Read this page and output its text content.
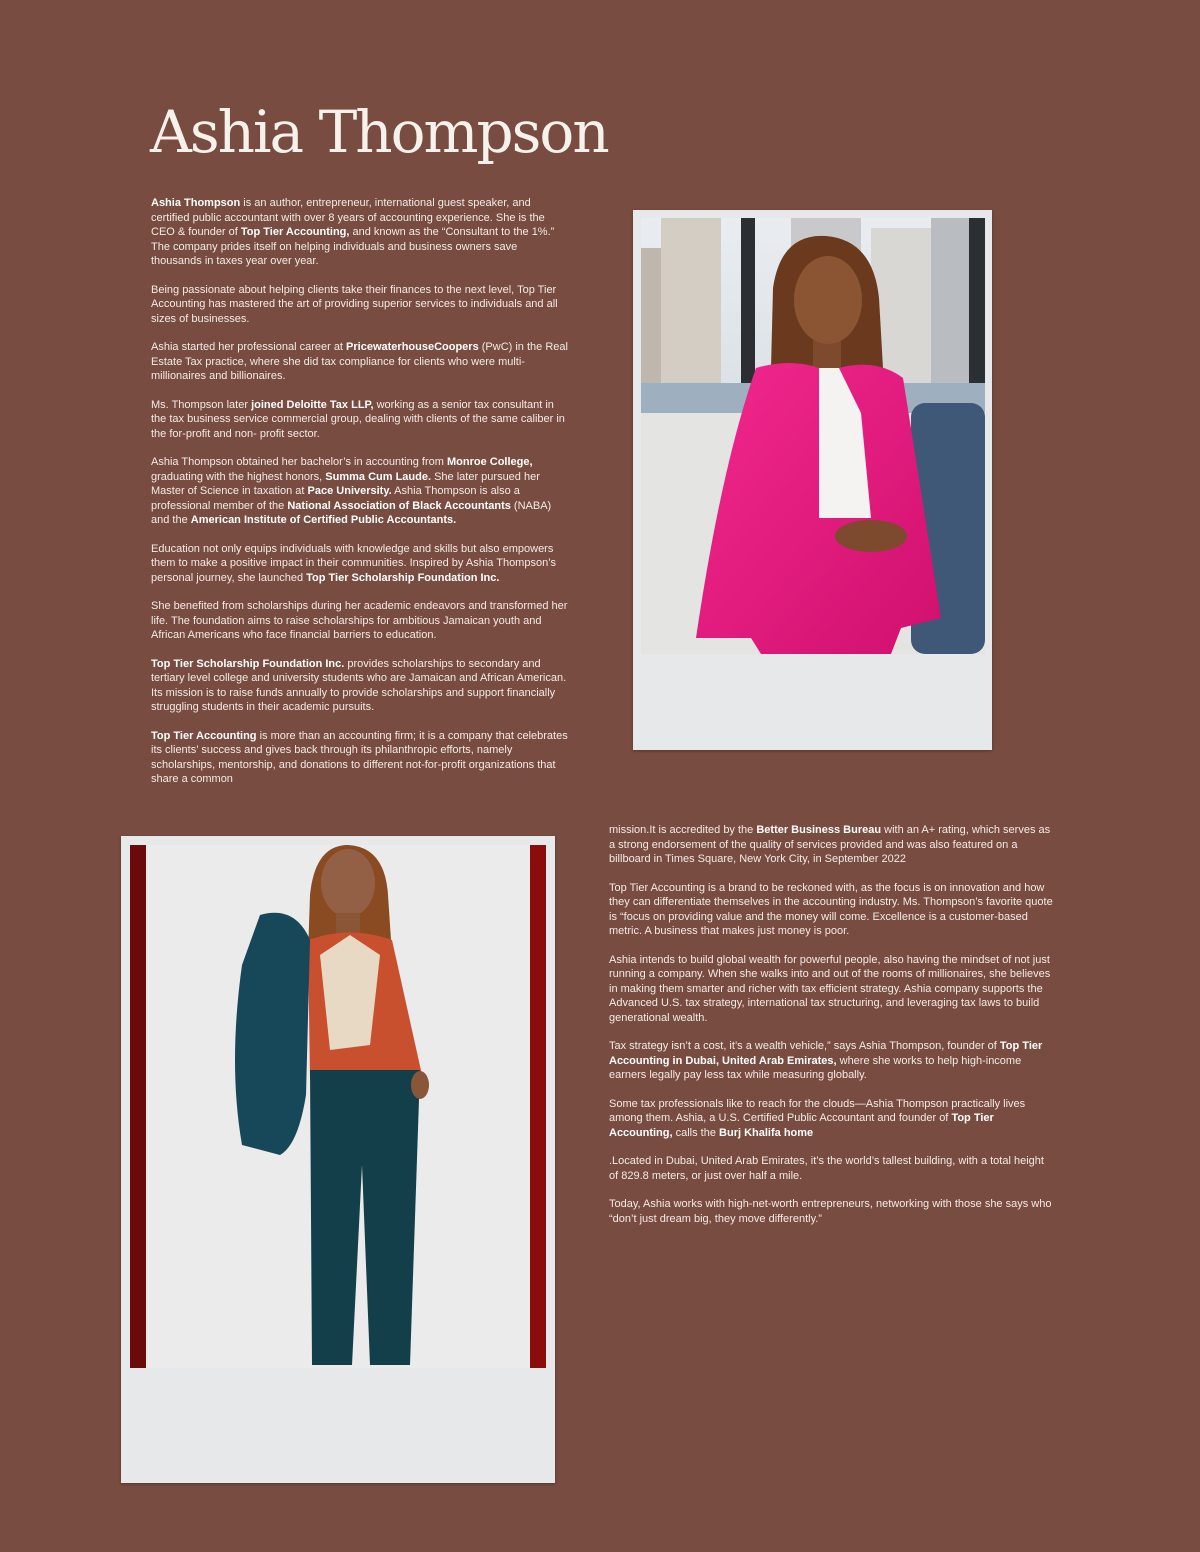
Ashia Thompson

Ashia Thompson is an author, entrepreneur, international guest speaker, and certified public accountant with over 8 years of accounting experience. She is the CEO & founder of Top Tier Accounting, and known as the “Consultant to the 1%.” The company prides itself on helping individuals and business owners save thousands in taxes year over year.

Being passionate about helping clients take their finances to the next level, Top Tier Accounting has mastered the art of providing superior services to individuals and all sizes of businesses.

Ashia started her professional career at PricewaterhouseCoopers (PwC) in the Real Estate Tax practice, where she did tax compliance for clients who were multi-millionaires and billionaires.

Ms. Thompson later joined Deloitte Tax LLP, working as a senior tax consultant in the tax business service commercial group, dealing with clients of the same caliber in the for-profit and non- profit sector.

Ashia Thompson obtained her bachelor’s in accounting from Monroe College, graduating with the highest honors, Summa Cum Laude. She later pursued her Master of Science in taxation at Pace University. Ashia Thompson is also a professional member of the National Association of Black Accountants (NABA) and the American Institute of Certified Public Accountants.

Education not only equips individuals with knowledge and skills but also empowers them to make a positive impact in their communities. Inspired by Ashia Thompson’s personal journey, she launched Top Tier Scholarship Foundation Inc.

She benefited from scholarships during her academic endeavors and transformed her life. The foundation aims to raise scholarships for ambitious Jamaican youth and African Americans who face financial barriers to education.

Top Tier Scholarship Foundation Inc. provides scholarships to secondary and tertiary level college and university students who are Jamaican and African American. Its mission is to raise funds annually to provide scholarships and support financially struggling students in their academic pursuits.

Top Tier Accounting is more than an accounting firm; it is a company that celebrates its clients’ success and gives back through its philanthropic efforts, namely scholarships, mentorship, and donations to different not-for-profit organizations that share a common

mission.It is accredited by the Better Business Bureau with an A+ rating, which serves as a strong endorsement of the quality of services provided and was also featured on a billboard in Times Square, New York City, in September 2022

Top Tier Accounting is a brand to be reckoned with, as the focus is on innovation and how they can differentiate themselves in the accounting industry. Ms. Thompson’s favorite quote is “focus on providing value and the money will come. Excellence is a customer-based metric. A business that makes just money is poor.

Ashia intends to build global wealth for powerful people, also having the mindset of not just running a company. When she walks into and out of the rooms of millionaires, she believes in making them smarter and richer with tax efficient strategy. Ashia company supports the Advanced U.S. tax strategy, international tax structuring, and leveraging tax laws to build generational wealth.

Tax strategy isn’t a cost, it’s a wealth vehicle,” says Ashia Thompson, founder of Top Tier Accounting in Dubai, United Arab Emirates, where she works to help high-income earners legally pay less tax while measuring globally.

Some tax professionals like to reach for the clouds—Ashia Thompson practically lives among them. Ashia, a U.S. Certified Public Accountant and founder of Top Tier Accounting, calls the Burj Khalifa home

.Located in Dubai, United Arab Emirates, it’s the world’s tallest building, with a total height of 829.8 meters, or just over half a mile.

Today, Ashia works with high-net-worth entrepreneurs, networking with those she says who “don’t just dream big, they move differently.”
